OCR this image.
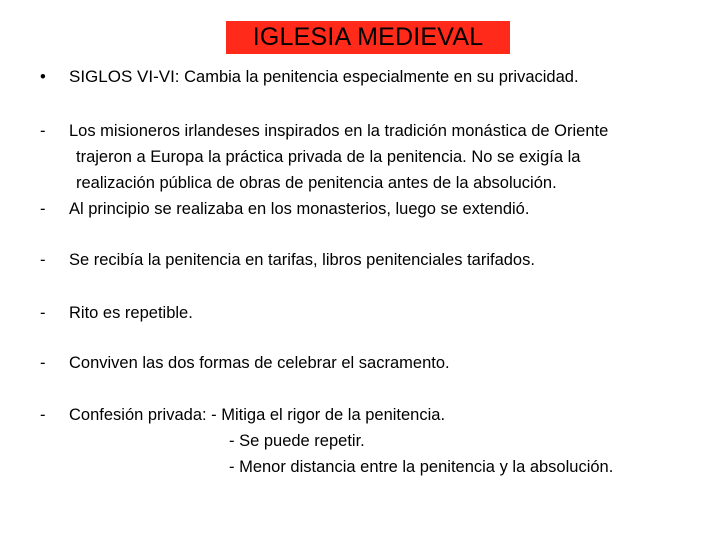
IGLESIA MEDIEVAL
• SIGLOS VI-VI: Cambia la penitencia especialmente en su privacidad.
- Los misioneros irlandeses inspirados en la tradición monástica de Oriente
trajeron a Europa la práctica privada de la penitencia. No se exigía la
realización pública de obras de penitencia antes de la absolución.
- Al principio se realizaba en los monasterios, luego se extendió.
- Se recibía la penitencia en tarifas, libros penitenciales tarifados.
- Rito es repetible.
- Conviven las dos formas de celebrar el sacramento.
- Confesión privada: - Mitiga el rigor de la penitencia.
- Se puede repetir.
- Menor distancia entre la penitencia y la absolución.
